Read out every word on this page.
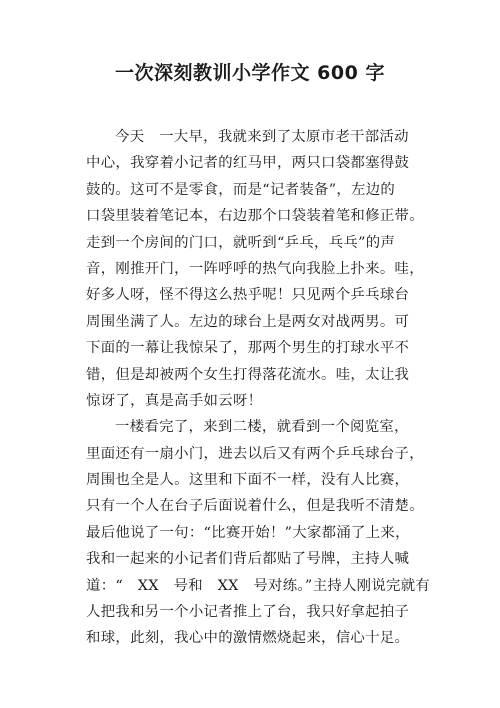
一次深刻教训小学作文 600 字
今天　一大早，我就来到了太原市老干部活动
中心，我穿着小记者的红马甲，两只口袋都塞得鼓
鼓的。这可不是零食，而是“记者装备”，左边的
口袋里装着笔记本，右边那个口袋装着笔和修正带。
走到一个房间的门口，就听到“乒乓，乓乓”的声
音，刚推开门，一阵呼呼的热气向我脸上扑来。哇，
好多人呀，怪不得这么热乎呢！只见两个乒乓球台
周围坐满了人。左边的球台上是两女对战两男。可
下面的一幕让我惊呆了，那两个男生的打球水平不
错，但是却被两个女生打得落花流水。哇，太让我
惊讶了，真是高手如云呀！
一楼看完了，来到二楼，就看到一个阅览室，
里面还有一扇小门，进去以后又有两个乒乓球台子，
周围也全是人。这里和下面不一样，没有人比赛，
只有一个人在台子后面说着什么，但是我听不清楚。
最后他说了一句：“比赛开始！”大家都涌了上来，
我和一起来的小记者们背后都贴了号牌，主持人喊
道：“　XX　号和　XX　号对练。”主持人刚说完就有
人把我和另一个小记者推上了台，我只好拿起拍子
和球，此刻，我心中的激情燃烧起来，信心十足。
